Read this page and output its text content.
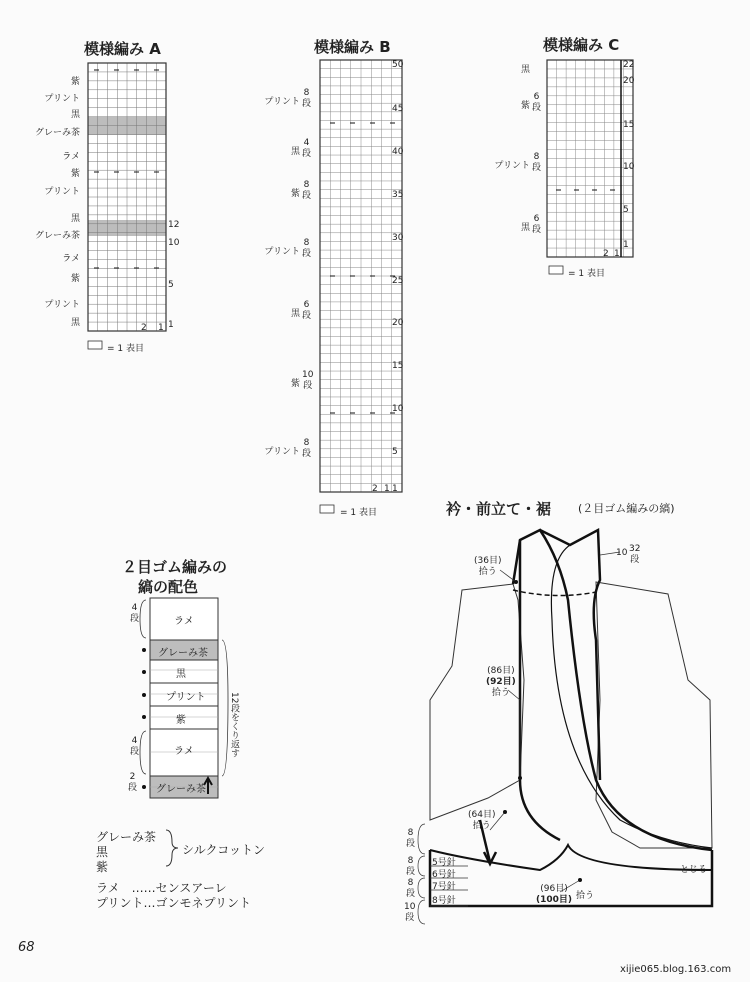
模様編み A
紫
プリント
黒
グレーみ茶
ラメ
紫
プリント
黒
グレーみ茶
ラメ
紫
プリント
黒
12
10
5
1
2 1
= 1 表目
模様編み B
50
45
40
35
30
25
20
15
10
5
1
2 1
= 1 表目
プリント
8
段
黒
4
段
紫
8
段
プリント
8
段
黒
6
段
紫
10
段
プリント
8
段
模様編み C
22
20
15
10
5
1
2 1
= 1 表目
黒
紫
6
段
プリント
8
段
黒
6
段
２目ゴム編みの
縞の配色
ラメ
グレーみ茶
黒
プリント
紫
ラメ
グレーみ茶
4
段
4
段
2
段
12段をくり返す
グレーみ茶
黒
紫
シルクコットン
ラメ　……センスアーレ
プリント…ゴンモネプリント
衿・前立て・裾 (２目ゴム編みの縞)
(36目)
拾う
10 32
段
(86目)
(92目)
拾う
(64目)
拾う
(96目)
(100目) 拾う
5号針
6号針
7号針
8号針
8
段
8
段
8
段
10
段
とじる
68
xijie065.blog.163.com
